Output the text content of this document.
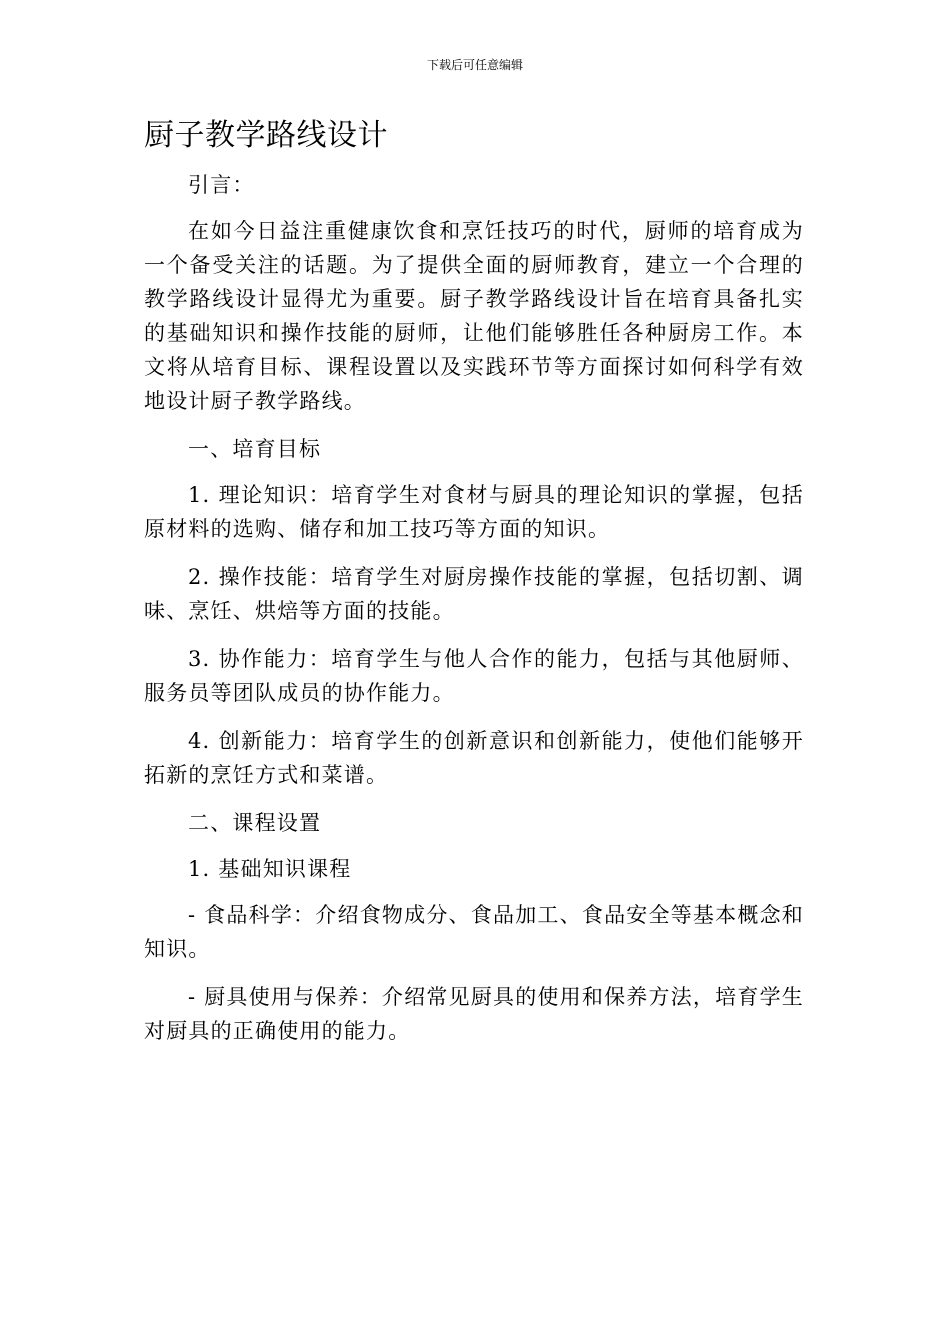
下载后可任意编辑
厨子教学路线设计

引言：

在如今日益注重健康饮食和烹饪技巧的时代，厨师的培育成为一个备受关注的话题。为了提供全面的厨师教育，建立一个合理的教学路线设计显得尤为重要。厨子教学路线设计旨在培育具备扎实的基础知识和操作技能的厨师，让他们能够胜任各种厨房工作。本文将从培育目标、课程设置以及实践环节等方面探讨如何科学有效地设计厨子教学路线。

一、培育目标

1. 理论知识：培育学生对食材与厨具的理论知识的掌握，包括原材料的选购、储存和加工技巧等方面的知识。

2. 操作技能：培育学生对厨房操作技能的掌握，包括切割、调味、烹饪、烘焙等方面的技能。

3. 协作能力：培育学生与他人合作的能力，包括与其他厨师、服务员等团队成员的协作能力。

4. 创新能力：培育学生的创新意识和创新能力，使他们能够开拓新的烹饪方式和菜谱。

二、课程设置

1. 基础知识课程

- 食品科学：介绍食物成分、食品加工、食品安全等基本概念和知识。

- 厨具使用与保养：介绍常见厨具的使用和保养方法，培育学生对厨具的正确使用的能力。
